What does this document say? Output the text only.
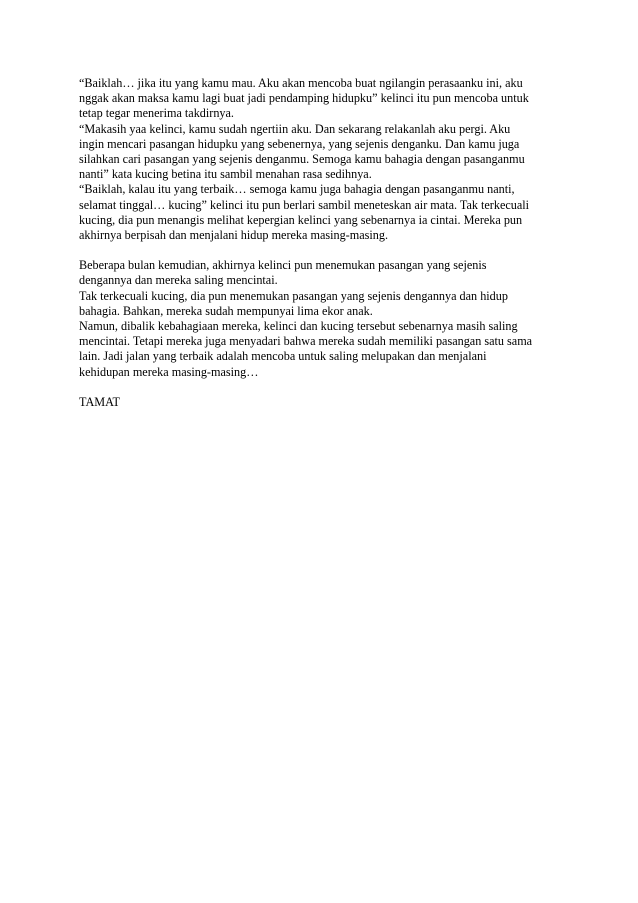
“Baiklah… jika itu yang kamu mau. Aku akan mencoba buat ngilangin perasaanku ini, aku
nggak akan maksa kamu lagi buat jadi pendamping hidupku” kelinci itu pun mencoba untuk
tetap tegar menerima takdirnya.
“Makasih yaa kelinci, kamu sudah ngertiin aku. Dan sekarang relakanlah aku pergi. Aku
ingin mencari pasangan hidupku yang sebenernya, yang sejenis denganku. Dan kamu juga
silahkan cari pasangan yang sejenis denganmu. Semoga kamu bahagia dengan pasanganmu
nanti” kata kucing betina itu sambil menahan rasa sedihnya.
“Baiklah, kalau itu yang terbaik… semoga kamu juga bahagia dengan pasanganmu nanti,
selamat tinggal… kucing” kelinci itu pun berlari sambil meneteskan air mata. Tak terkecuali
kucing, dia pun menangis melihat kepergian kelinci yang sebenarnya ia cintai. Mereka pun
akhirnya berpisah dan menjalani hidup mereka masing-masing.
Beberapa bulan kemudian, akhirnya kelinci pun menemukan pasangan yang sejenis
dengannya dan mereka saling mencintai.
Tak terkecuali kucing, dia pun menemukan pasangan yang sejenis dengannya dan hidup
bahagia. Bahkan, mereka sudah mempunyai lima ekor anak.
Namun, dibalik kebahagiaan mereka, kelinci dan kucing tersebut sebenarnya masih saling
mencintai. Tetapi mereka juga menyadari bahwa mereka sudah memiliki pasangan satu sama
lain. Jadi jalan yang terbaik adalah mencoba untuk saling melupakan dan menjalani
kehidupan mereka masing-masing…
TAMAT
